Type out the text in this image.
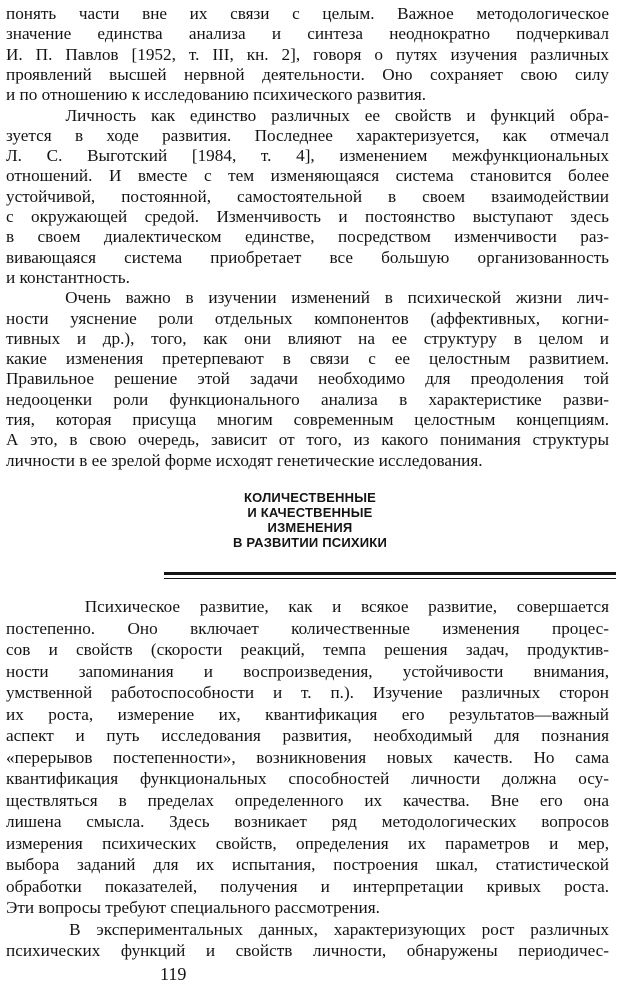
понять части вне их связи с целым. Важное методологическое
значение единства анализа и синтеза неоднократно подчеркивал
И. П. Павлов [1952, т. III, кн. 2], говоря о путях изучения различных
проявлений высшей нервной деятельности. Оно сохраняет свою силу
и по отношению к исследованию психического развития.
Личность как единство различных ее свойств и функций обра-
зуется в ходе развития. Последнее характеризуется, как отмечал
Л. С. Выготский [1984, т. 4], изменением межфункциональных
отношений. И вместе с тем изменяющаяся система становится более
устойчивой, постоянной, самостоятельной в своем взаимодействии
с окружающей средой. Изменчивость и постоянство выступают здесь
в своем диалектическом единстве, посредством изменчивости раз-
вивающаяся система приобретает все большую организованность
и константность.
Очень важно в изучении изменений в психической жизни лич-
ности уяснение роли отдельных компонентов (аффективных, когни-
тивных и др.), того, как они влияют на ее структуру в целом и
какие изменения претерпевают в связи с ее целостным развитием.
Правильное решение этой задачи необходимо для преодоления той
недооценки роли функционального анализа в характеристике разви-
тия, которая присуща многим современным целостным концепциям.
А это, в свою очередь, зависит от того, из какого понимания структуры
личности в ее зрелой форме исходят генетические исследования.
КОЛИЧЕСТВЕННЫЕ
И КАЧЕСТВЕННЫЕ
ИЗМЕНЕНИЯ
В РАЗВИТИИ ПСИХИКИ
Психическое развитие, как и всякое развитие, совершается
постепенно. Оно включает количественные изменения процес-
сов и свойств (скорости реакций, темпа решения задач, продуктив-
ности запоминания и воспроизведения, устойчивости внимания,
умственной работоспособности и т. п.). Изучение различных сторон
их роста, измерение их, квантификация его результатов—важный
аспект и путь исследования развития, необходимый для познания
«перерывов постепенности», возникновения новых качеств. Но сама
квантификация функциональных способностей личности должна осу-
ществляться в пределах определенного их качества. Вне его она
лишена смысла. Здесь возникает ряд методологических вопросов
измерения психических свойств, определения их параметров и мер,
выбора заданий для их испытания, построения шкал, статистической
обработки показателей, получения и интерпретации кривых роста.
Эти вопросы требуют специального рассмотрения.
В экспериментальных данных, характеризующих рост различных
психических функций и свойств личности, обнаружены периодичес-
119
